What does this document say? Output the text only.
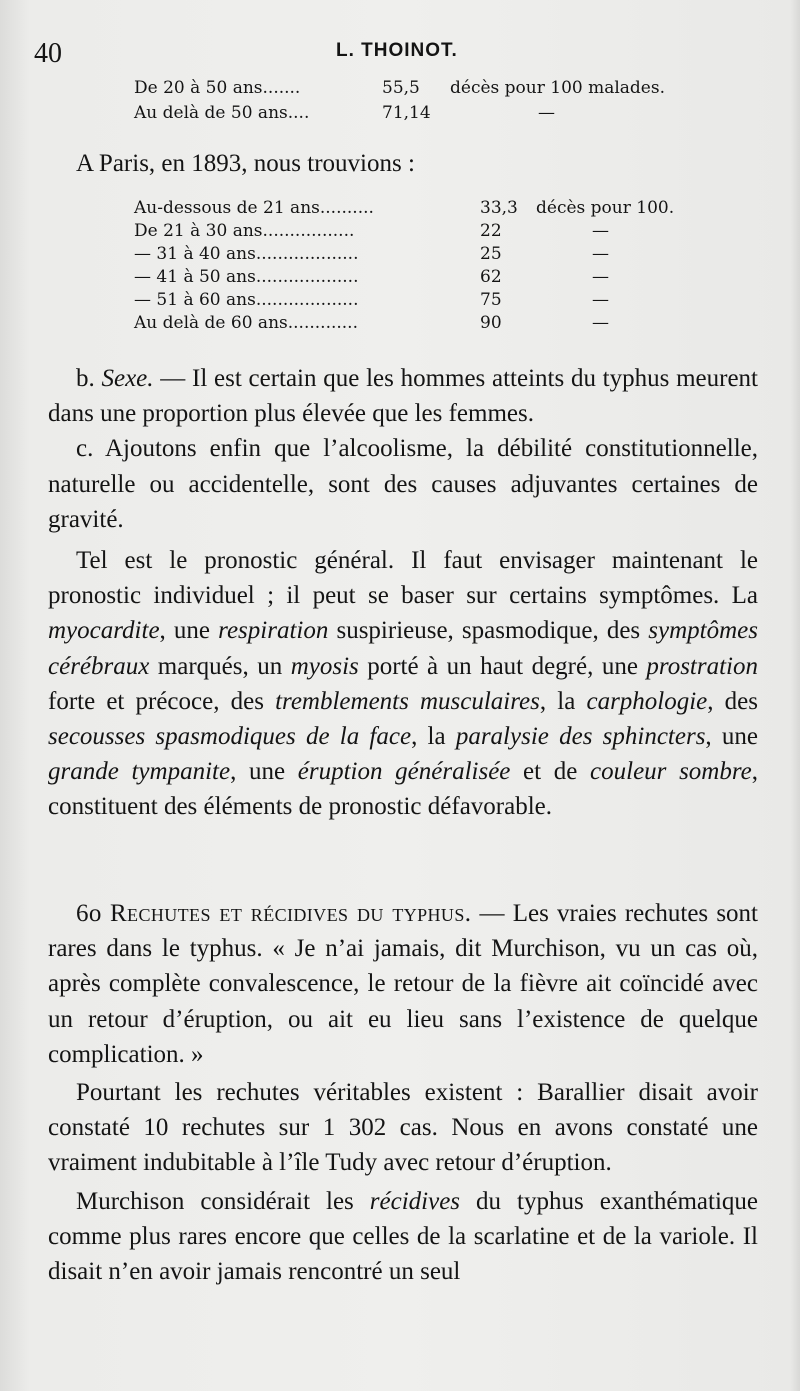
40	L. THOINOT.
De 20 à 50 ans.......	55,5 décès pour 100 malades.
Au delà de 50 ans....	71,14	—
A Paris, en 1893, nous trouvions :
Au-dessous de 21 ans..........	33,3 décès pour 100.
De 21 à 30 ans.................	22	—
— 31 à 40 ans...................	25	—
— 41 à 50 ans...................	62	—
— 51 à 60 ans...................	75	—
Au delà de 60 ans.............	90	—

b. Sexe. — Il est certain que les hommes atteints du typhus meurent dans une proportion plus élevée que les femmes.

c. Ajoutons enfin que l’alcoolisme, la débilité constitutionnelle, naturelle ou accidentelle, sont des causes adjuvantes certaines de gravité.

Tel est le pronostic général. Il faut envisager maintenant le pronostic individuel ; il peut se baser sur certains symptômes. La myocardite, une respiration suspirieuse, spasmodique, des symptômes cérébraux marqués, un myosis porté à un haut degré, une prostration forte et précoce, des tremblements musculaires, la carphologie, des secousses spasmodiques de la face, la paralysie des sphincters, une grande tympanite, une éruption généralisée et de couleur sombre, constituent des éléments de pronostic défavorable.

6o Rechutes et récidives du typhus. — Les vraies rechutes sont rares dans le typhus. « Je n’ai jamais, dit Murchison, vu un cas où, après complète convalescence, le retour de la fièvre ait coïncidé avec un retour d’éruption, ou ait eu lieu sans l’existence de quelque complication. »

Pourtant les rechutes véritables existent : Barallier disait avoir constaté 10 rechutes sur 1 302 cas. Nous en avons constaté une vraiment indubitable à l’île Tudy avec retour d’éruption.

Murchison considérait les récidives du typhus exanthématique comme plus rares encore que celles de la scarlatine et de la variole. Il disait n’en avoir jamais rencontré un seul
